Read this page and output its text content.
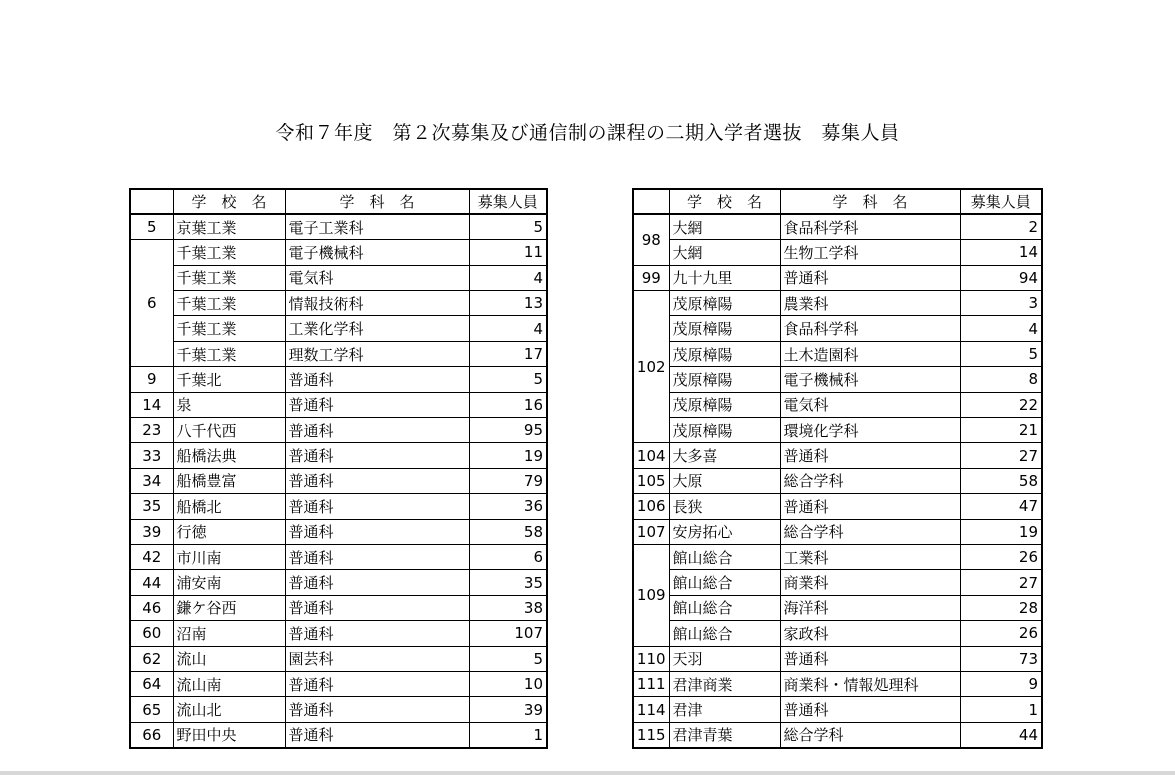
令和７年度　第２次募集及び通信制の課程の二期入学者選抜　募集人員
	学　校　名	学　科　名	募集人員
5	京葉工業	電子工業科	5
6	千葉工業	電子機械科	11
	千葉工業	電気科	4
	千葉工業	情報技術科	13
	千葉工業	工業化学科	4
	千葉工業	理数工学科	17
9	千葉北	普通科	5
14	泉	普通科	16
23	八千代西	普通科	95
33	船橋法典	普通科	19
34	船橋豊富	普通科	79
35	船橋北	普通科	36
39	行徳	普通科	58
42	市川南	普通科	6
44	浦安南	普通科	35
46	鎌ケ谷西	普通科	38
60	沼南	普通科	107
62	流山	園芸科	5
64	流山南	普通科	10
65	流山北	普通科	39
66	野田中央	普通科	1
	学　校　名	学　科　名	募集人員
98	大網	食品科学科	2
	大網	生物工学科	14
99	九十九里	普通科	94
102	茂原樟陽	農業科	3
	茂原樟陽	食品科学科	4
	茂原樟陽	土木造園科	5
	茂原樟陽	電子機械科	8
	茂原樟陽	電気科	22
	茂原樟陽	環境化学科	21
104	大多喜	普通科	27
105	大原	総合学科	58
106	長狭	普通科	47
107	安房拓心	総合学科	19
109	館山総合	工業科	26
	館山総合	商業科	27
	館山総合	海洋科	28
	館山総合	家政科	26
110	天羽	普通科	73
111	君津商業	商業科・情報処理科	9
114	君津	普通科	1
115	君津青葉	総合学科	44
